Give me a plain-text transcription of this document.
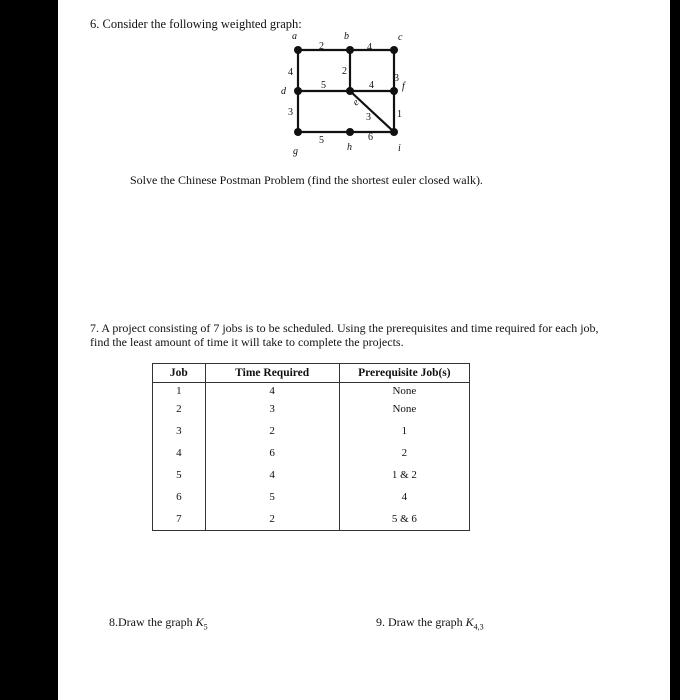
6. Consider the following weighted graph:
a	b	c
d
e
f
g	h	i
2	4
4	2
3
5	4
3	3	1
5	6
Solve the Chinese Postman Problem (find the shortest euler closed walk).
7. A project consisting of 7 jobs is to be scheduled. Using the prerequisites and time required for each job, find the least amount of time it will take to complete the projects.
Job	Time Required	Prerequisite Job(s)
1	4	None
2	3	None
3	2	1
4	6	2
5	4	1 & 2
6	5	4
7	2	5 & 6
8.Draw the graph $K_5$	9. Draw the graph $K_{4,3}$
